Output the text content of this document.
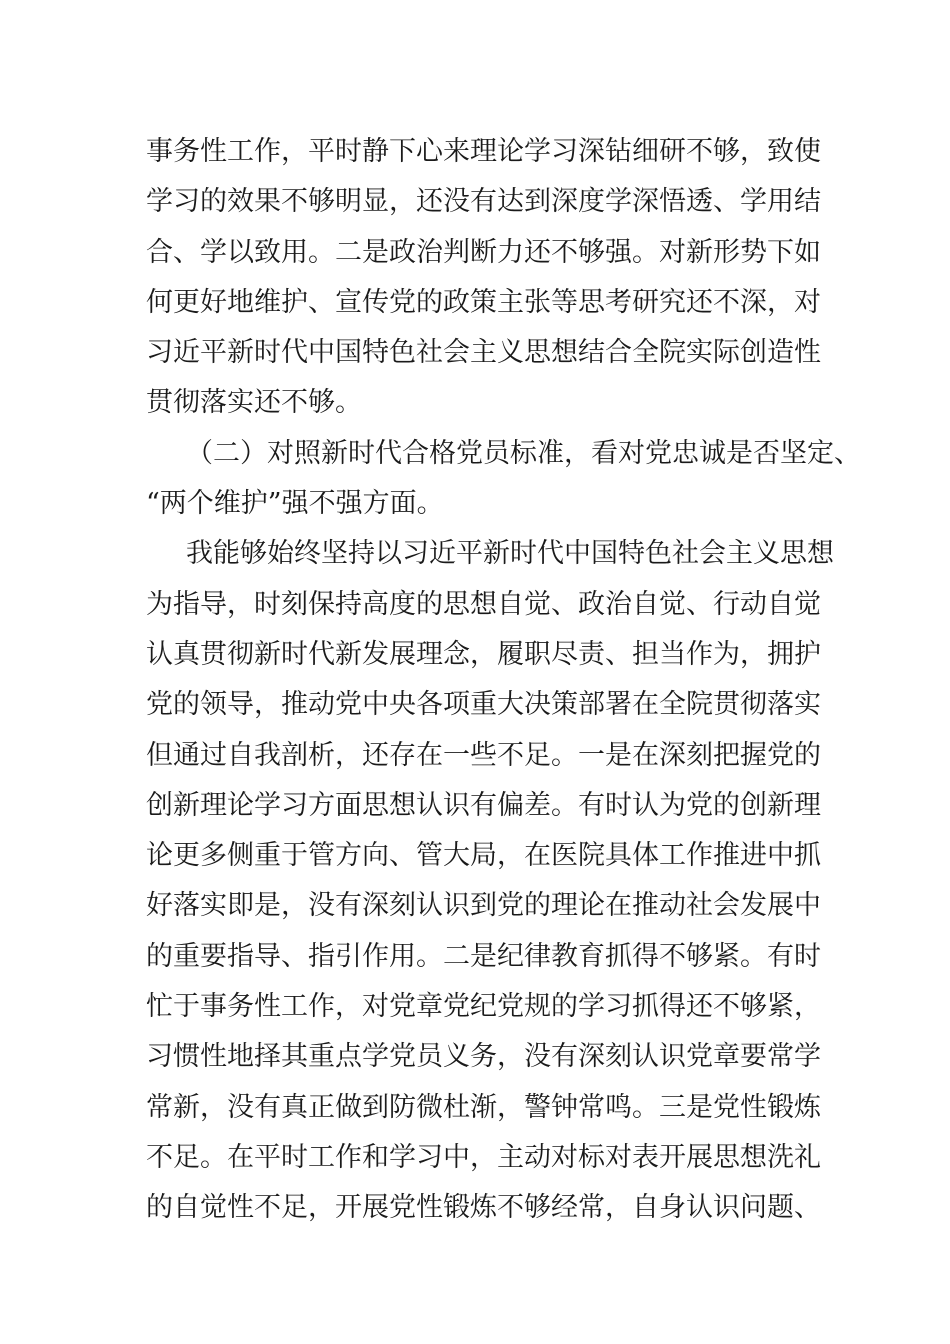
事务性工作，平时静下心来理论学习深钻细研不够，致使
学习的效果不够明显，还没有达到深度学深悟透、学用结
合、学以致用。二是政治判断力还不够强。对新形势下如
何更好地维护、宣传党的政策主张等思考研究还不深，对
习近平新时代中国特色社会主义思想结合全院实际创造性
贯彻落实还不够。
（二）对照新时代合格党员标准，看对党忠诚是否坚定、
“两个维护”强不强方面。
我能够始终坚持以习近平新时代中国特色社会主义思想
为指导，时刻保持高度的思想自觉、政治自觉、行动自觉
认真贯彻新时代新发展理念，履职尽责、担当作为，拥护
党的领导，推动党中央各项重大决策部署在全院贯彻落实
但通过自我剖析，还存在一些不足。一是在深刻把握党的
创新理论学习方面思想认识有偏差。有时认为党的创新理
论更多侧重于管方向、管大局，在医院具体工作推进中抓
好落实即是，没有深刻认识到党的理论在推动社会发展中
的重要指导、指引作用。二是纪律教育抓得不够紧。有时
忙于事务性工作，对党章党纪党规的学习抓得还不够紧，
习惯性地择其重点学党员义务，没有深刻认识党章要常学
常新，没有真正做到防微杜渐，警钟常鸣。三是党性锻炼
不足。在平时工作和学习中，主动对标对表开展思想洗礼
的自觉性不足，开展党性锻炼不够经常，自身认识问题、
